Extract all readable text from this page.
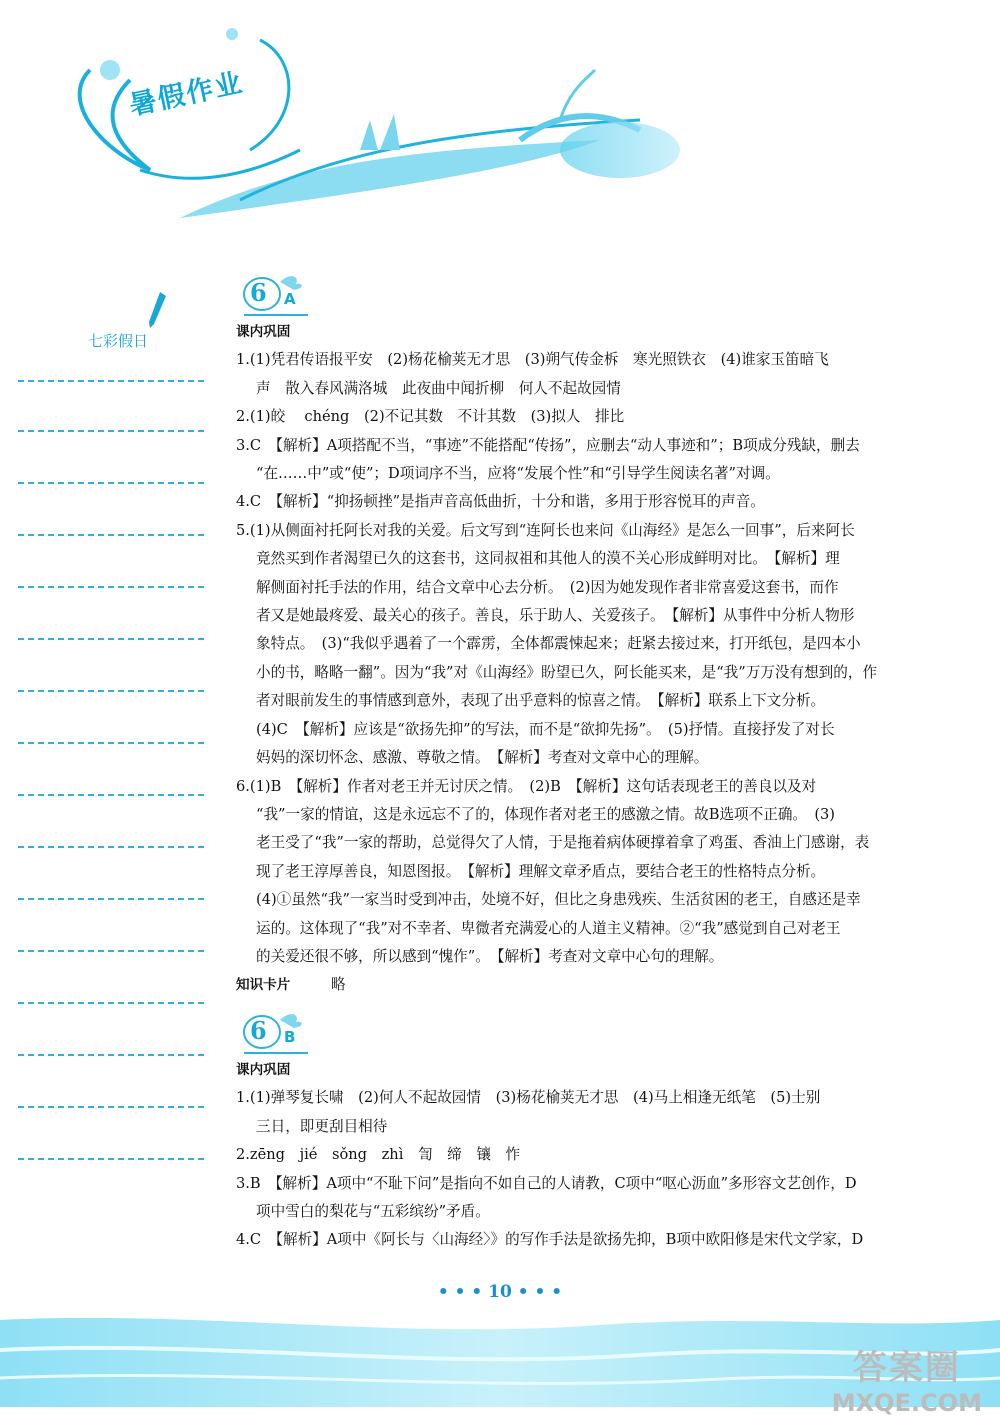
暑假作业
七彩假日
6 A

课内巩固

1.(1)凭君传语报平安　(2)杨花榆荚无才思　(3)朔气传金柝　寒光照铁衣　(4)谁家玉笛暗飞

声　散入春风满洛城　此夜曲中闻折柳　何人不起故园情

2.(1)皎　 chéng　(2)不记其数　不计其数　(3)拟人　排比

3.C　【解析】A项搭配不当，“事迹”不能搭配“传扬”，应删去“动人事迹和”；B项成分残缺，删去

“在……中”或“使”；D项词序不当，应将“发展个性”和“引导学生阅读名著”对调。

4.C　【解析】“抑扬顿挫”是指声音高低曲折，十分和谐，多用于形容悦耳的声音。

5.(1)从侧面衬托阿长对我的关爱。后文写到“连阿长也来问《山海经》是怎么一回事”，后来阿长

竟然买到作者渴望已久的这套书，这同叔祖和其他人的漠不关心形成鲜明对比。　【解析】理

解侧面衬托手法的作用，结合文章中心去分析。　(2)因为她发现作者非常喜爱这套书，而作

者又是她最疼爱、最关心的孩子。善良，乐于助人、关爱孩子。　【解析】从事件中分析人物形

象特点。　(3)“我似乎遇着了一个霹雳，全体都震悚起来；赶紧去接过来，打开纸包，是四本小

小的书，略略一翻”。因为“我”对《山海经》盼望已久，阿长能买来，是“我”万万没有想到的，作

者对眼前发生的事情感到意外，表现了出乎意料的惊喜之情。　【解析】联系上下文分析。

(4)C　【解析】应该是“欲扬先抑”的写法，而不是“欲抑先扬”。　(5)抒情。直接抒发了对长

妈妈的深切怀念、感激、尊敬之情。　【解析】考查对文章中心的理解。

6.(1)B　【解析】作者对老王并无讨厌之情。　(2)B　【解析】这句话表现老王的善良以及对

“我”一家的情谊，这是永远忘不了的，体现作者对老王的感激之情。故B选项不正确。　(3)

老王受了“我”一家的帮助，总觉得欠了人情，于是拖着病体硬撑着拿了鸡蛋、香油上门感谢，表

现了老王淳厚善良，知恩图报。　【解析】理解文章矛盾点，要结合老王的性格特点分析。

(4)①虽然“我”一家当时受到冲击，处境不好，但比之身患残疾、生活贫困的老王，自感还是幸

运的。这体现了“我”对不幸者、卑微者充满爱心的人道主义精神。②“我”感觉到自己对老王

的关爱还很不够，所以感到“愧作”。　【解析】考查对文章中心句的理解。

知识卡片	略

6 B

课内巩固

1.(1)弹琴复长啸　(2)何人不起故园情　(3)杨花榆荚无才思　(4)马上相逢无纸笔　(5)士别

三日，即更刮目相待

2.zēng　jié　sǒng　zhì　訇　缔　镶　怍

3.B　【解析】A项中“不耻下问”是指向不如自己的人请教，C项中“呕心沥血”多形容文艺创作，D

项中雪白的梨花与“五彩缤纷”矛盾。

4.C　【解析】A项中《阿长与〈山海经〉》的写作手法是欲扬先抑，B项中欧阳修是宋代文学家，D

• • • 10 • • •
答案圈
MXQE.COM
